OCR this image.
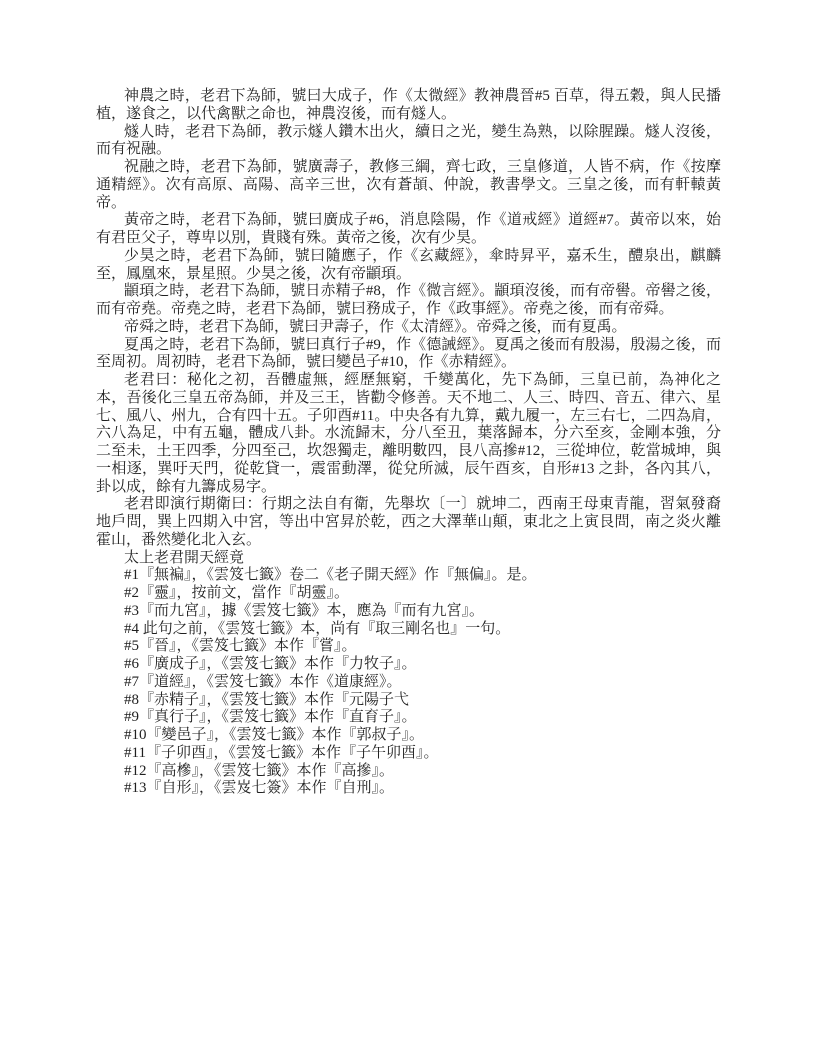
神農之時，老君下為師，號曰大成子，作《太微經》教神農晉#5 百草，得五穀，與人民播植，遂食之，以代禽獸之命也，神農沒後，而有燧人。

燧人時，老君下為師，教示燧人鑽木出火，續日之光，變生為熟，以除腥躁。燧人沒後，而有祝融。

祝融之時，老君下為師，號廣壽子，教修三綱，齊七政，三皇修道，人皆不病，作《按摩通精經》。次有高原、高陽、高辛三世，次有蒼頡、仲說，教書學文。三皇之後，而有軒轅黃帝。

黃帝之時，老君下為師，號曰廣成子#6，消息陰陽，作《道戒經》道經#7。黃帝以來，始有君臣父子，尊卑以別，貴賤有殊。黃帝之後，次有少昊。

少昊之時，老君下為師，號曰隨應子，作《玄藏經》，傘時昇平，嘉禾生，醴泉出，麒麟至，鳳凰來，景星照。少昊之後，次有帝顓頊。

顓頊之時，老君下為師，號日赤精子#8，作《微言經》。顓頊沒後，而有帝嚳。帝嚳之後，而有帝堯。帝堯之時，老君下為師，號曰務成子，作《政事經》。帝堯之後，而有帝舜。

帝舜之時，老君下為師，號曰尹壽子，作《太清經》。帝舜之後，而有夏禹。

夏禹之時，老君下為師，號曰真行子#9，作《德誡經》。夏禹之後而有殷湯，殷湯之後，而至周初。周初時，老君下為師，號曰變邑子#10，作《赤精經》。

老君曰：秘化之初，吾體虛無，經歷無窮，千變萬化，先下為師，三皇已前，為神化之本，吾後化三皇五帝為師，并及三王，皆勸令修善。天不地二、人三、時四、音五、律六、星七、風八、州九，合有四十五。子卯酉#11。中央各有九算，戴九履一，左三右七，二四為肩，六八為足，中有五龜，體成八卦。水流歸末，分八至丑，葉落歸本，分六至亥，金剛本強，分二至未，土王四季，分四至己，坎怨獨走，離明數四，艮八高摻#12，三從坤位，乾當城坤，與一相逐，巽吁天門，從乾貸一，震雷動澤，從兌所滅，辰午酉亥，自形#13 之卦，各內其八，卦以成，餘有九籌成易字。

老君即演行期衛曰：行期之法自有衛，先舉坎〔一〕就坤二，西南王母東青龍，習氣發裔地戶問，巽上四期入中宮，等出中宮昇於乾，西之大澤華山顛，東北之上寅艮問，南之炎火離霍山，番然變化北入玄。

太上老君開天經竟

#1『無褊』，《雲笈七籤》卷二《老子開天經》作『無偏』。是。

#2『靈』，按前文，當作『胡靈』。

#3『而九宮』，據《雲笈七籤》本，應為『而有九宮』。

#4 此句之前，《雲笈七籤》本，尚有『取三剛名也』一句。

#5『晉』，《雲笈七籤》本作『嘗』。

#6『廣成子』，《雲笈七籤》本作『力牧子』。

#7『道經』，《雲笈七籤》本作《道康經》。

#8『赤精子』，《雲笈七籤》本作『元陽子弋

#9『真行子』，《雲笈七籤》本作『直育子』。

#10『變邑子』，《雲笈七籤》本作『郭叔子』。

#11『子卯酉』，《雲笈七籤》本作『子午卯酉』。

#12『高槮』，《雲笈七籤》本作『高摻』。

#13『自形』，《雲岌七簽》本作『自刑』。
